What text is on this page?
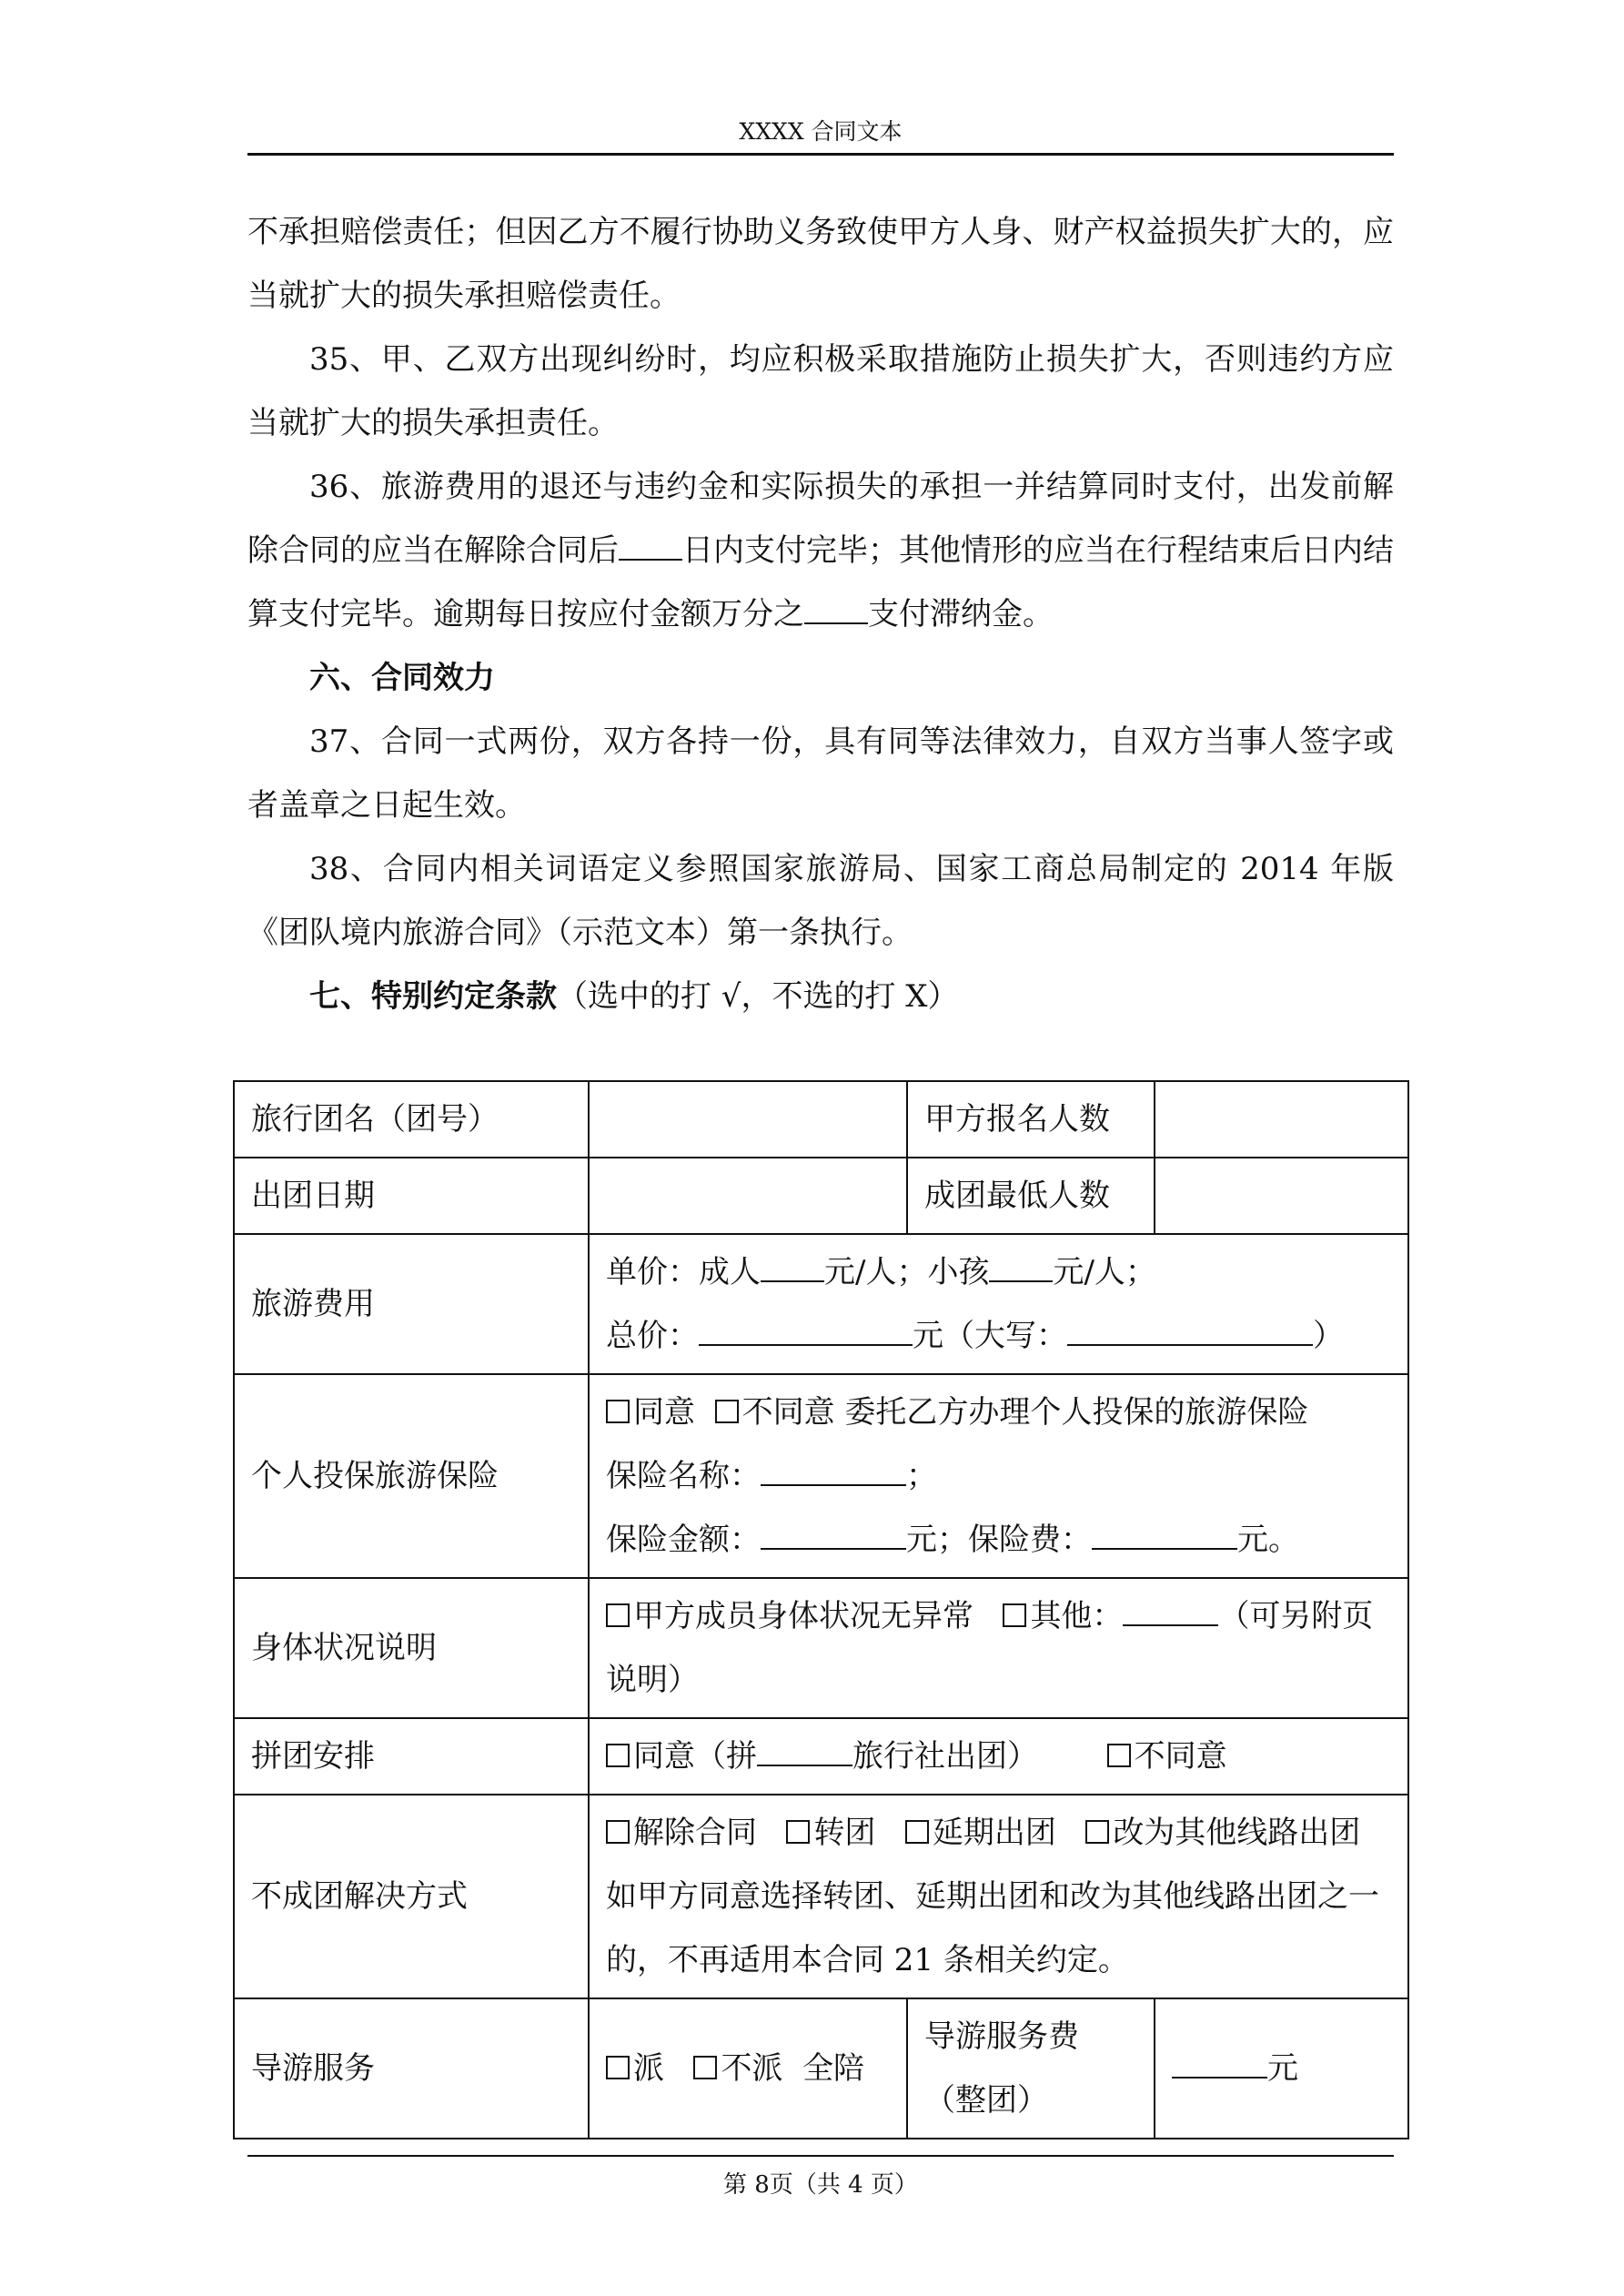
XXXX 合同文本

不承担赔偿责任；但因乙方不履行协助义务致使甲方人身、财产权益损失扩大的，应当就扩大的损失承担赔偿责任。

35、甲、乙双方出现纠纷时，均应积极采取措施防止损失扩大，否则违约方应当就扩大的损失承担责任。

36、旅游费用的退还与违约金和实际损失的承担一并结算同时支付，出发前解除合同的应当在解除合同后 日内支付完毕；其他情形的应当在行程结束后日内结算支付完毕。逾期每日按应付金额万分之 支付滞纳金。

六、合同效力

37、合同一式两份，双方各持一份，具有同等法律效力，自双方当事人签字或者盖章之日起生效。

38、合同内相关词语定义参照国家旅游局、国家工商总局制定的 2014 年版《团队境内旅游合同》（示范文本）第一条执行。

七、特别约定条款（选中的打 √，不选的打 X）

旅行团名（团号）		甲方报名人数	
出团日期		成团最低人数	
旅游费用	单价：成人 元/人；小孩 元/人；
总价： 元（大写： ）		

个人投保旅游保险	同意 不同意 委托乙方办理个人投保的旅游保险
保险名称： ；
保险金额： 元；保险费： 元。		

身体状况说明	甲方成员身体状况无异常 其他： （可另附页说明）		
拼团安排	同意（拼 旅行社出团） 不同意		
不成团解决方式	解除合同 转团 延期出团 改为其他线路出团
如甲方同意选择转团、延期出团和改为其他线路出团之一的，不再适用本合同 21 条相关约定。		

导游服务	派 不派 全陪	导游服务费（整团）	元
第 8页（共 4 页）
